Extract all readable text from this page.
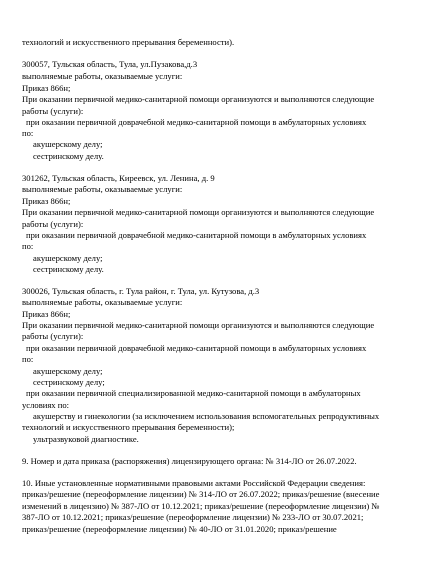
технологий и искусственного прерывания беременности).
300057, Тульская область, Тула, ул.Пузакова,д.3
выполняемые работы, оказываемые услуги:
Приказ 866н;
При оказании первичной медико-санитарной помощи организуются и выполняются следующие
работы (услуги):
при оказании первичной доврачебной медико-санитарной помощи в амбулаторных условиях
по:
акушерскому делу;
сестринскому делу.
301262, Тульская область, Киреевск, ул. Ленина, д. 9
выполняемые работы, оказываемые услуги:
Приказ 866н;
При оказании первичной медико-санитарной помощи организуются и выполняются следующие
работы (услуги):
при оказании первичной доврачебной медико-санитарной помощи в амбулаторных условиях
по:
акушерскому делу;
сестринскому делу.
300026, Тульская область, г. Тула район, г. Тула, ул. Кутузова, д.3
выполняемые работы, оказываемые услуги:
Приказ 866н;
При оказании первичной медико-санитарной помощи организуются и выполняются следующие
работы (услуги):
при оказании первичной доврачебной медико-санитарной помощи в амбулаторных условиях
по:
акушерскому делу;
сестринскому делу;
при оказании первичной специализированной медико-санитарной помощи в амбулаторных
условиях по:
акушерству и гинекологии (за исключением использования вспомогательных репродуктивных
технологий и искусственного прерывания беременности);
ультразвуковой диагностике.
9. Номер и дата приказа (распоряжения) лицензирующего органа: № 314-ЛО от 26.07.2022.
10. Иные установленные нормативными правовыми актами Российской Федерации сведения:
приказ/решение (переоформление лицензии) № 314-ЛО от 26.07.2022; приказ/решение (внесение
изменений в лицензию) № 387-ЛО от 10.12.2021; приказ/решение (переоформление лицензии) №
387-ЛО от 10.12.2021; приказ/решение (переоформление лицензии) № 233-ЛО от 30.07.2021;
приказ/решение (переоформление лицензии) № 40-ЛО от 31.01.2020; приказ/решение
